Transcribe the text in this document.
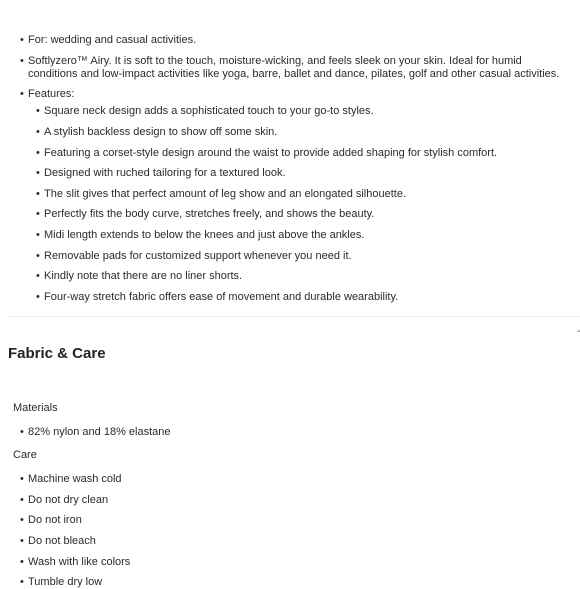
• For: wedding and casual activities.
• Softlyzero™ Airy. It is soft to the touch, moisture-wicking, and feels sleek on your skin. Ideal for humid conditions and low-impact activities like yoga, barre, ballet and dance, pilates, golf and other casual activities.
• Features:
• Square neck design adds a sophisticated touch to your go-to styles.
• A stylish backless design to show off some skin.
• Featuring a corset-style design around the waist to provide added shaping for stylish comfort.
• Designed with ruched tailoring for a textured look.
• The slit gives that perfect amount of leg show and an elongated silhouette.
• Perfectly fits the body curve, stretches freely, and shows the beauty.
• Midi length extends to below the knees and just above the ankles.
• Removable pads for customized support whenever you need it.
• Kindly note that there are no liner shorts.
• Four-way stretch fabric offers ease of movement and durable wearability.
Fabric & Care
Materials
• 82% nylon and 18% elastane
Care
• Machine wash cold
• Do not dry clean
• Do not iron
• Do not bleach
• Wash with like colors
• Tumble dry low
